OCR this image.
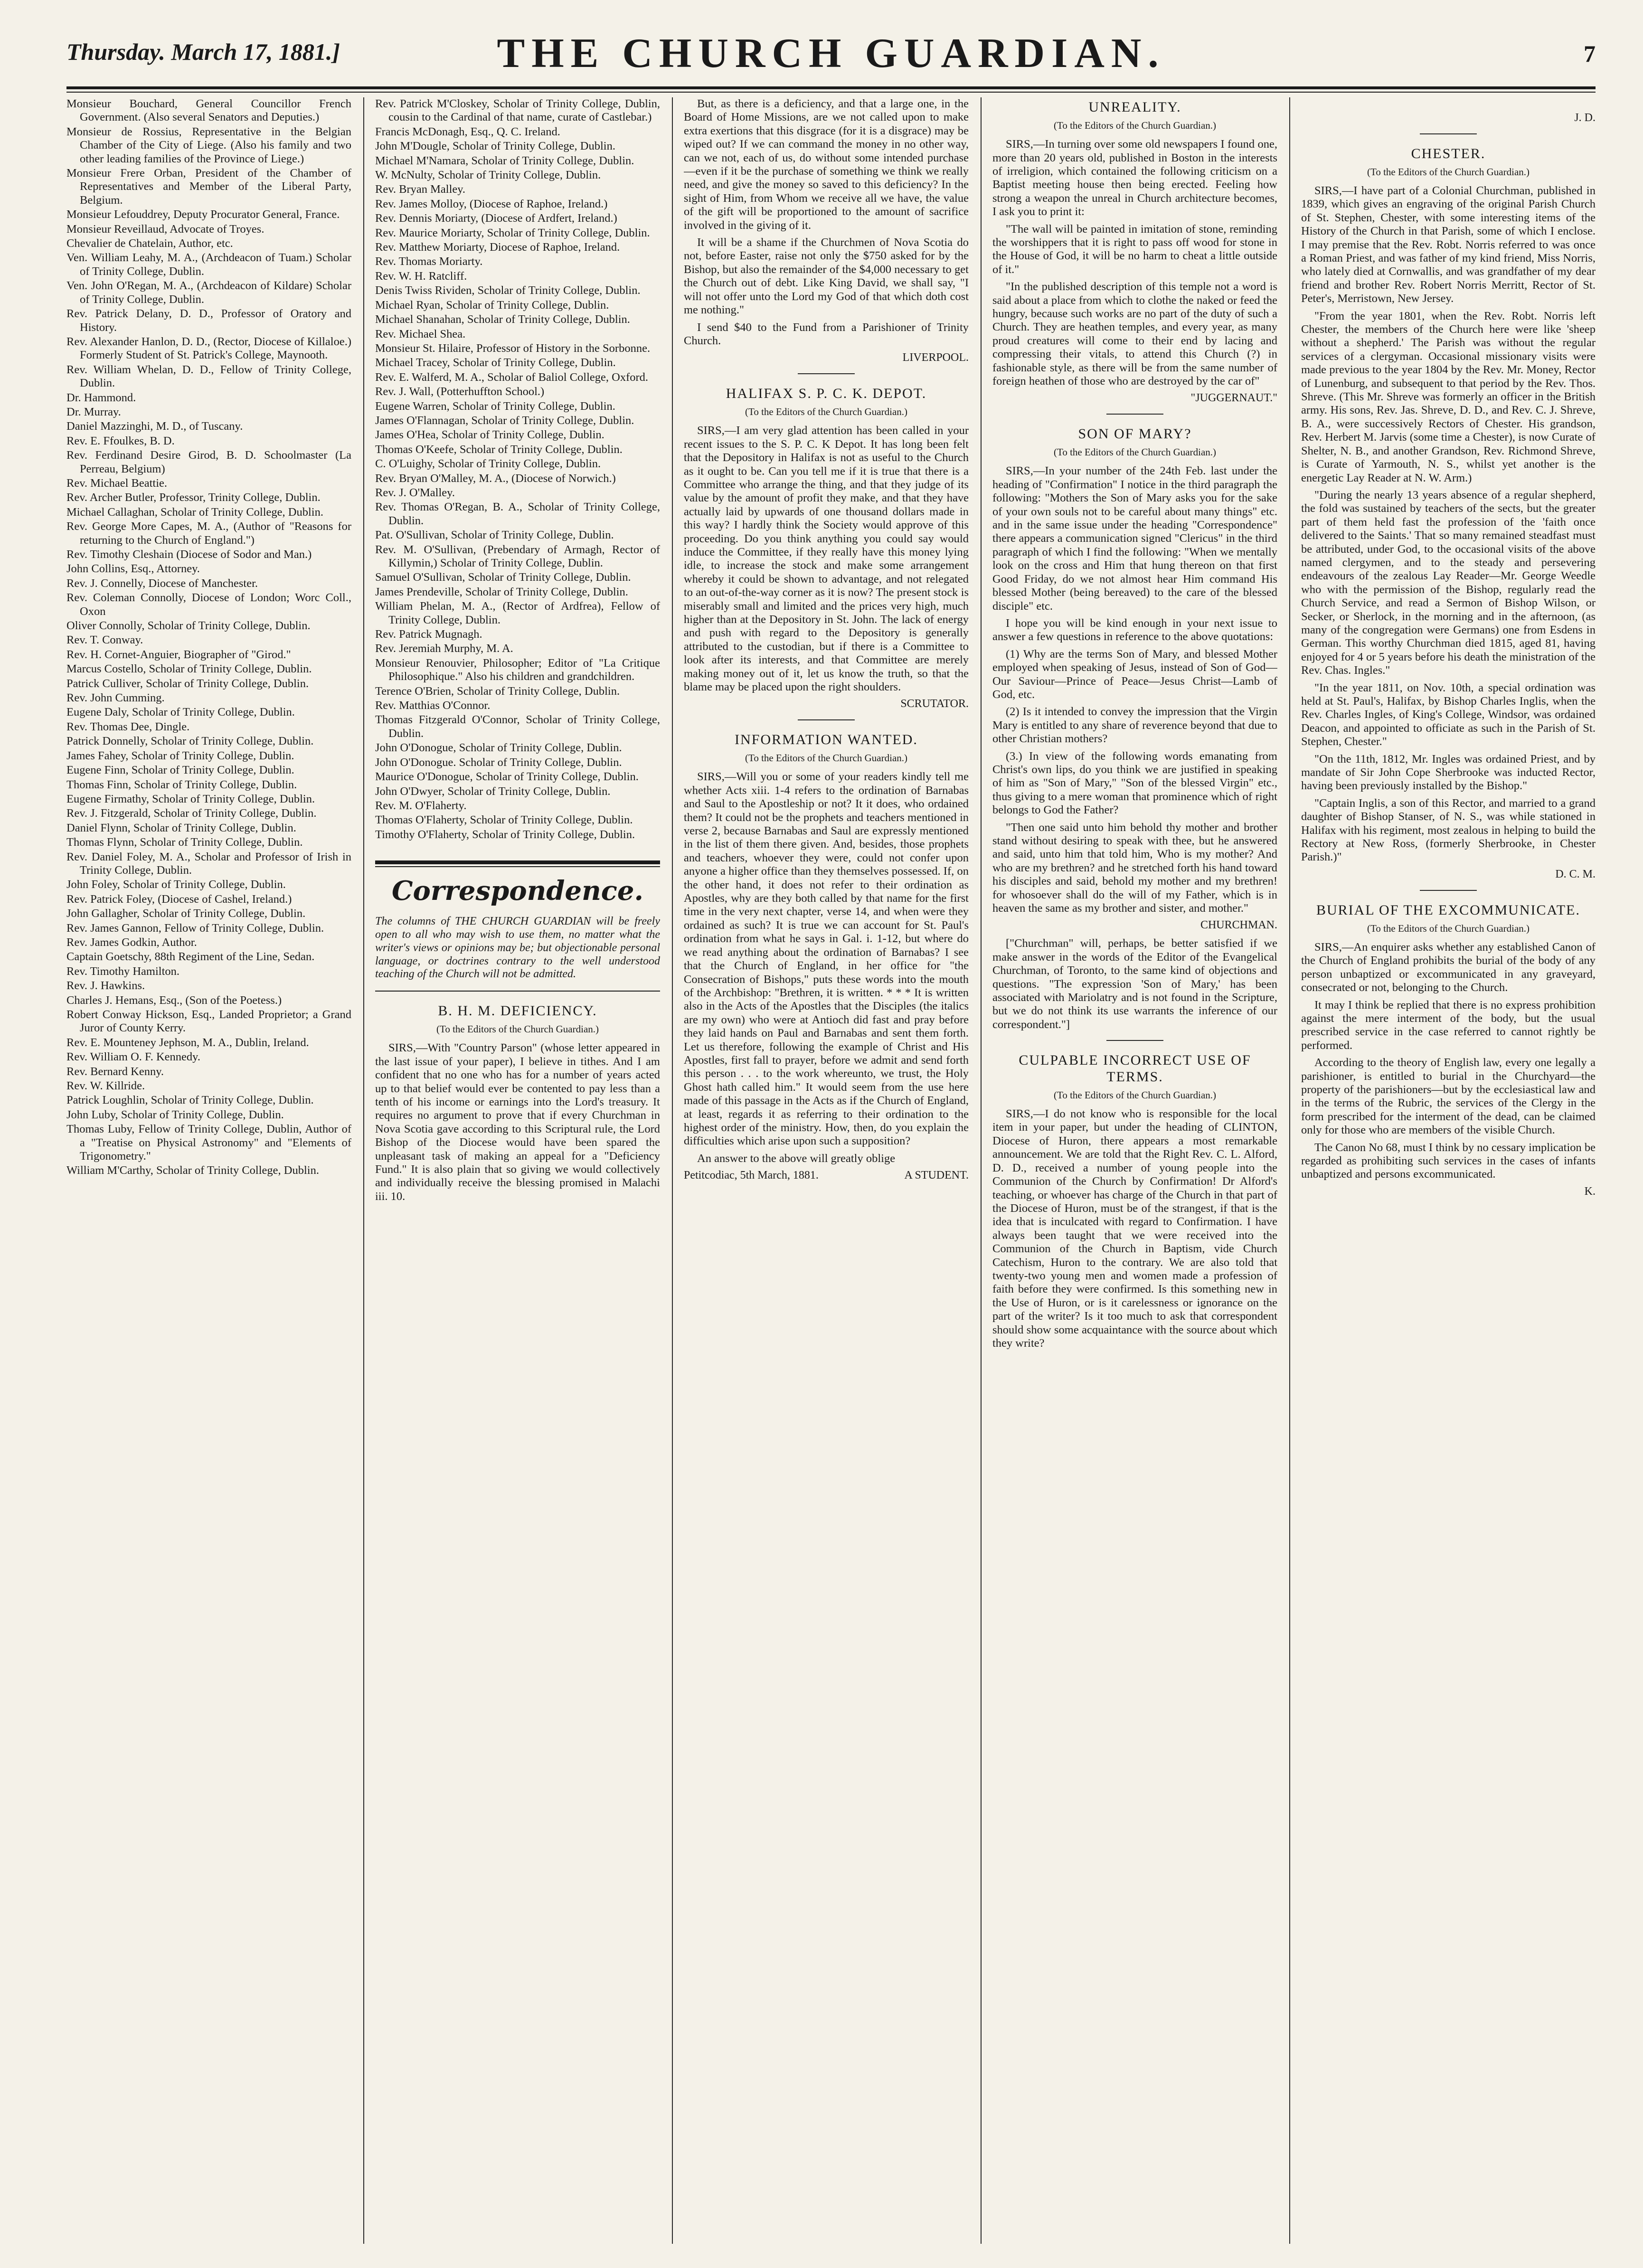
Thursday. March 17, 1881.]	THE CHURCH GUARDIAN.	7

Monsieur Bouchard, General Councillor French Government. (Also several Senators and Deputies.)

Monsieur de Rossius, Representative in the Belgian Chamber of the City of Liege. (Also his family and two other leading families of the Province of Liege.)

Monsieur Frere Orban, President of the Chamber of Representatives and Member of the Liberal Party, Belgium.

Monsieur Lefouddrey, Deputy Procurator General, France.

Monsieur Reveillaud, Advocate of Troyes.

Chevalier de Chatelain, Author, etc.

Ven. William Leahy, M. A., (Archdeacon of Tuam.) Scholar of Trinity College, Dublin.

Ven. John O'Regan, M. A., (Archdeacon of Kildare) Scholar of Trinity College, Dublin.

Rev. Patrick Delany, D. D., Professor of Oratory and History.

Rev. Alexander Hanlon, D. D., (Rector, Diocese of Killaloe.) Formerly Student of St. Patrick's College, Maynooth.

Rev. William Whelan, D. D., Fellow of Trinity College, Dublin.

Dr. Hammond.

Dr. Murray.

Daniel Mazzinghi, M. D., of Tuscany.

Rev. E. Ffoulkes, B. D.

Rev. Ferdinand Desire Girod, B. D. Schoolmaster (La Perreau, Belgium)

Rev. Michael Beattie.

Rev. Archer Butler, Professor, Trinity College, Dublin.

Michael Callaghan, Scholar of Trinity College, Dublin.

Rev. George More Capes, M. A., (Author of "Reasons for returning to the Church of England.")

Rev. Timothy Cleshain (Diocese of Sodor and Man.)

John Collins, Esq., Attorney.

Rev. J. Connelly, Diocese of Manchester.

Rev. Coleman Connolly, Diocese of London; Worc Coll., Oxon

Oliver Connolly, Scholar of Trinity College, Dublin.

Rev. T. Conway.

Rev. H. Cornet-Anguier, Biographer of "Girod."

Marcus Costello, Scholar of Trinity College, Dublin.

Patrick Culliver, Scholar of Trinity College, Dublin.

Rev. John Cumming.

Eugene Daly, Scholar of Trinity College, Dublin.

Rev. Thomas Dee, Dingle.

Patrick Donnelly, Scholar of Trinity College, Dublin.

James Fahey, Scholar of Trinity College, Dublin.

Eugene Finn, Scholar of Trinity College, Dublin.

Thomas Finn, Scholar of Trinity College, Dublin.

Eugene Firmathy, Scholar of Trinity College, Dublin.

Rev. J. Fitzgerald, Scholar of Trinity College, Dublin.

Daniel Flynn, Scholar of Trinity College, Dublin.

Thomas Flynn, Scholar of Trinity College, Dublin.

Rev. Daniel Foley, M. A., Scholar and Professor of Irish in Trinity College, Dublin.

John Foley, Scholar of Trinity College, Dublin.

Rev. Patrick Foley, (Diocese of Cashel, Ireland.)

John Gallagher, Scholar of Trinity College, Dublin.

Rev. James Gannon, Fellow of Trinity College, Dublin.

Rev. James Godkin, Author.

Captain Goetschy, 88th Regiment of the Line, Sedan.

Rev. Timothy Hamilton.

Rev. J. Hawkins.

Charles J. Hemans, Esq., (Son of the Poetess.)

Robert Conway Hickson, Esq., Landed Proprietor; a Grand Juror of County Kerry.

Rev. E. Mounteney Jephson, M. A., Dublin, Ireland.

Rev. William O. F. Kennedy.

Rev. Bernard Kenny.

Rev. W. Killride.

Patrick Loughlin, Scholar of Trinity College, Dublin.

John Luby, Scholar of Trinity College, Dublin.

Thomas Luby, Fellow of Trinity College, Dublin, Author of a "Treatise on Physical Astronomy" and "Elements of Trigonometry."

William M'Carthy, Scholar of Trinity College, Dublin.

Rev. Patrick M'Closkey, Scholar of Trinity College, Dublin, cousin to the Cardinal of that name, curate of Castlebar.)

Francis McDonagh, Esq., Q. C. Ireland.

John M'Dougle, Scholar of Trinity College, Dublin.

Michael M'Namara, Scholar of Trinity College, Dublin.

W. McNulty, Scholar of Trinity College, Dublin.

Rev. Bryan Malley.

Rev. James Molloy, (Diocese of Raphoe, Ireland.)

Rev. Dennis Moriarty, (Diocese of Ardfert, Ireland.)

Rev. Maurice Moriarty, Scholar of Trinity College, Dublin.

Rev. Matthew Moriarty, Diocese of Raphoe, Ireland.

Rev. Thomas Moriarty.

Rev. W. H. Ratcliff.

Denis Twiss Rividen, Scholar of Trinity College, Dublin.

Michael Ryan, Scholar of Trinity College, Dublin.

Michael Shanahan, Scholar of Trinity College, Dublin.

Rev. Michael Shea.

Monsieur St. Hilaire, Professor of History in the Sorbonne.

Michael Tracey, Scholar of Trinity College, Dublin.

Rev. E. Walferd, M. A., Scholar of Baliol College, Oxford.

Rev. J. Wall, (Potterhuffton School.)

Eugene Warren, Scholar of Trinity College, Dublin.

James O'Flannagan, Scholar of Trinity College, Dublin.

James O'Hea, Scholar of Trinity College, Dublin.

Thomas O'Keefe, Scholar of Trinity College, Dublin.

C. O'Luighy, Scholar of Trinity College, Dublin.

Rev. Bryan O'Malley, M. A., (Diocese of Norwich.)

Rev. J. O'Malley.

Rev. Thomas O'Regan, B. A., Scholar of Trinity College, Dublin.

Pat. O'Sullivan, Scholar of Trinity College, Dublin.

Rev. M. O'Sullivan, (Prebendary of Armagh, Rector of Killymin,) Scholar of Trinity College, Dublin.

Samuel O'Sullivan, Scholar of Trinity College, Dublin.

James Prendeville, Scholar of Trinity College, Dublin.

William Phelan, M. A., (Rector of Ardfrea), Fellow of Trinity College, Dublin.

Rev. Patrick Mugnagh.

Rev. Jeremiah Murphy, M. A.

Monsieur Renouvier, Philosopher; Editor of "La Critique Philosophique." Also his children and grandchildren.

Terence O'Brien, Scholar of Trinity College, Dublin.

Rev. Matthias O'Connor.

Thomas Fitzgerald O'Connor, Scholar of Trinity College, Dublin.

John O'Donogue, Scholar of Trinity College, Dublin.

John O'Donogue. Scholar of Trinity College, Dublin.

Maurice O'Donogue, Scholar of Trinity College, Dublin.

John O'Dwyer, Scholar of Trinity College, Dublin.

Rev. M. O'Flaherty.

Thomas O'Flaherty, Scholar of Trinity College, Dublin.

Timothy O'Flaherty, Scholar of Trinity College, Dublin.

Correspondence.
The columns of THE CHURCH GUARDIAN will be freely open to all who may wish to use them, no matter what the writer's views or opinions may be; but objectionable personal language, or doctrines contrary to the well understood teaching of the Church will not be admitted.
B. H. M. DEFICIENCY.
(To the Editors of the Church Guardian.)

SIRS,—With "Country Parson" (whose letter appeared in the last issue of your paper), I believe in tithes. And I am confident that no one who has for a number of years acted up to that belief would ever be contented to pay less than a tenth of his income or earnings into the Lord's treasury. It requires no argument to prove that if every Churchman in Nova Scotia gave according to this Scriptural rule, the Lord Bishop of the Diocese would have been spared the unpleasant task of making an appeal for a "Deficiency Fund." It is also plain that so giving we would collectively and individually receive the blessing promised in Malachi iii. 10.

But, as there is a deficiency, and that a large one, in the Board of Home Missions, are we not called upon to make extra exertions that this disgrace (for it is a disgrace) may be wiped out? If we can command the money in no other way, can we not, each of us, do without some intended purchase—even if it be the purchase of something we think we really need, and give the money so saved to this deficiency? In the sight of Him, from Whom we receive all we have, the value of the gift will be proportioned to the amount of sacrifice involved in the giving of it.

It will be a shame if the Churchmen of Nova Scotia do not, before Easter, raise not only the $750 asked for by the Bishop, but also the remainder of the $4,000 necessary to get the Church out of debt. Like King David, we shall say, "I will not offer unto the Lord my God of that which doth cost me nothing."

I send $40 to the Fund from a Parishioner of Trinity Church.

LIVERPOOL.
HALIFAX S. P. C. K. DEPOT.
(To the Editors of the Church Guardian.)

SIRS,—I am very glad attention has been called in your recent issues to the S. P. C. K Depot. It has long been felt that the Depository in Halifax is not as useful to the Church as it ought to be. Can you tell me if it is true that there is a Committee who arrange the thing, and that they judge of its value by the amount of profit they make, and that they have actually laid by upwards of one thousand dollars made in this way? I hardly think the Society would approve of this proceeding. Do you think anything you could say would induce the Committee, if they really have this money lying idle, to increase the stock and make some arrangement whereby it could be shown to advantage, and not relegated to an out-of-the-way corner as it is now? The present stock is miserably small and limited and the prices very high, much higher than at the Depository in St. John. The lack of energy and push with regard to the Depository is generally attributed to the custodian, but if there is a Committee to look after its interests, and that Committee are merely making money out of it, let us know the truth, so that the blame may be placed upon the right shoulders.

SCRUTATOR.
INFORMATION WANTED.
(To the Editors of the Church Guardian.)

SIRS,—Will you or some of your readers kindly tell me whether Acts xiii. 1-4 refers to the ordination of Barnabas and Saul to the Apostleship or not? It it does, who ordained them? It could not be the prophets and teachers mentioned in verse 2, because Barnabas and Saul are expressly mentioned in the list of them there given. And, besides, those prophets and teachers, whoever they were, could not confer upon anyone a higher office than they themselves possessed. If, on the other hand, it does not refer to their ordination as Apostles, why are they both called by that name for the first time in the very next chapter, verse 14, and when were they ordained as such? It is true we can account for St. Paul's ordination from what he says in Gal. i. 1-12, but where do we read anything about the ordination of Barnabas? I see that the Church of England, in her office for "the Consecration of Bishops," puts these words into the mouth of the Archbishop: "Brethren, it is written. * * * It is written also in the Acts of the Apostles that the Disciples (the italics are my own) who were at Antioch did fast and pray before they laid hands on Paul and Barnabas and sent them forth. Let us therefore, following the example of Christ and His Apostles, first fall to prayer, before we admit and send forth this person . . . to the work whereunto, we trust, the Holy Ghost hath called him." It would seem from the use here made of this passage in the Acts as if the Church of England, at least, regards it as referring to their ordination to the highest order of the ministry. How, then, do you explain the difficulties which arise upon such a supposition?

An answer to the above will greatly oblige

Petitcodiac, 5th March, 1881.	A STUDENT.
UNREALITY.
(To the Editors of the Church Guardian.)

SIRS,—In turning over some old newspapers I found one, more than 20 years old, published in Boston in the interests of irreligion, which contained the following criticism on a Baptist meeting house then being erected. Feeling how strong a weapon the unreal in Church architecture becomes, I ask you to print it:

"The wall will be painted in imitation of stone, reminding the worshippers that it is right to pass off wood for stone in the House of God, it will be no harm to cheat a little outside of it."

"In the published description of this temple not a word is said about a place from which to clothe the naked or feed the hungry, because such works are no part of the duty of such a Church. They are heathen temples, and every year, as many proud creatures will come to their end by lacing and compressing their vitals, to attend this Church (?) in fashionable style, as there will be from the same number of foreign heathen of those who are destroyed by the car of"

"JUGGERNAUT."
SON OF MARY?
(To the Editors of the Church Guardian.)

SIRS,—In your number of the 24th Feb. last under the heading of "Confirmation" I notice in the third paragraph the following: "Mothers the Son of Mary asks you for the sake of your own souls not to be careful about many things" etc. and in the same issue under the heading "Correspondence" there appears a communication signed "Clericus" in the third paragraph of which I find the following: "When we mentally look on the cross and Him that hung thereon on that first Good Friday, do we not almost hear Him command His blessed Mother (being bereaved) to the care of the blessed disciple" etc.

I hope you will be kind enough in your next issue to answer a few questions in reference to the above quotations:

(1) Why are the terms Son of Mary, and blessed Mother employed when speaking of Jesus, instead of Son of God—Our Saviour—Prince of Peace—Jesus Christ—Lamb of God, etc.

(2) Is it intended to convey the impression that the Virgin Mary is entitled to any share of reverence beyond that due to other Christian mothers?

(3.) In view of the following words emanating from Christ's own lips, do you think we are justified in speaking of him as "Son of Mary," "Son of the blessed Virgin" etc., thus giving to a mere woman that prominence which of right belongs to God the Father?

"Then one said unto him behold thy mother and brother stand without desiring to speak with thee, but he answered and said, unto him that told him, Who is my mother? And who are my brethren? and he stretched forth his hand toward his disciples and said, behold my mother and my brethren! for whosoever shall do the will of my Father, which is in heaven the same as my brother and sister, and mother."

CHURCHMAN.

["Churchman" will, perhaps, be better satisfied if we make answer in the words of the Editor of the Evangelical Churchman, of Toronto, to the same kind of objections and questions. "The expression 'Son of Mary,' has been associated with Mariolatry and is not found in the Scripture, but we do not think its use warrants the inference of our correspondent."]

CULPABLE INCORRECT USE OF TERMS.
(To the Editors of the Church Guardian.)

SIRS,—I do not know who is responsible for the local item in your paper, but under the heading of CLINTON, Diocese of Huron, there appears a most remarkable announcement. We are told that the Right Rev. C. L. Alford, D. D., received a number of young people into the Communion of the Church by Confirmation! Dr Alford's teaching, or whoever has charge of the Church in that part of the Diocese of Huron, must be of the strangest, if that is the idea that is inculcated with regard to Confirmation. I have always been taught that we were received into the Communion of the Church in Baptism, vide Church Catechism, Huron to the contrary. We are also told that twenty-two young men and women made a profession of faith before they were confirmed. Is this something new in the Use of Huron, or is it carelessness or ignorance on the part of the writer? Is it too much to ask that correspondent should show some acquaintance with the source about which they write?

J. D.
CHESTER.
(To the Editors of the Church Guardian.)

SIRS,—I have part of a Colonial Churchman, published in 1839, which gives an engraving of the original Parish Church of St. Stephen, Chester, with some interesting items of the History of the Church in that Parish, some of which I enclose. I may premise that the Rev. Robt. Norris referred to was once a Roman Priest, and was father of my kind friend, Miss Norris, who lately died at Cornwallis, and was grandfather of my dear friend and brother Rev. Robert Norris Merritt, Rector of St. Peter's, Merristown, New Jersey.

"From the year 1801, when the Rev. Robt. Norris left Chester, the members of the Church here were like 'sheep without a shepherd.' The Parish was without the regular services of a clergyman. Occasional missionary visits were made previous to the year 1804 by the Rev. Mr. Money, Rector of Lunenburg, and subsequent to that period by the Rev. Thos. Shreve. (This Mr. Shreve was formerly an officer in the British army. His sons, Rev. Jas. Shreve, D. D., and Rev. C. J. Shreve, B. A., were successively Rectors of Chester. His grandson, Rev. Herbert M. Jarvis (some time a Chester), is now Curate of Shelter, N. B., and another Grandson, Rev. Richmond Shreve, is Curate of Yarmouth, N. S., whilst yet another is the energetic Lay Reader at N. W. Arm.)

"During the nearly 13 years absence of a regular shepherd, the fold was sustained by teachers of the sects, but the greater part of them held fast the profession of the 'faith once delivered to the Saints.' That so many remained steadfast must be attributed, under God, to the occasional visits of the above named clergymen, and to the steady and persevering endeavours of the zealous Lay Reader—Mr. George Weedle who with the permission of the Bishop, regularly read the Church Service, and read a Sermon of Bishop Wilson, or Secker, or Sherlock, in the morning and in the afternoon, (as many of the congregation were Germans) one from Esdens in German. This worthy Churchman died 1815, aged 81, having enjoyed for 4 or 5 years before his death the ministration of the Rev. Chas. Ingles."

"In the year 1811, on Nov. 10th, a special ordination was held at St. Paul's, Halifax, by Bishop Charles Inglis, when the Rev. Charles Ingles, of King's College, Windsor, was ordained Deacon, and appointed to officiate as such in the Parish of St. Stephen, Chester."

"On the 11th, 1812, Mr. Ingles was ordained Priest, and by mandate of Sir John Cope Sherbrooke was inducted Rector, having been previously installed by the Bishop."

"Captain Inglis, a son of this Rector, and married to a grand daughter of Bishop Stanser, of N. S., was while stationed in Halifax with his regiment, most zealous in helping to build the Rectory at New Ross, (formerly Sherbrooke, in Chester Parish.)"

D. C. M.
BURIAL OF THE EXCOMMUNICATE.
(To the Editors of the Church Guardian.)

SIRS,—An enquirer asks whether any established Canon of the Church of England prohibits the burial of the body of any person unbaptized or excommunicated in any graveyard, consecrated or not, belonging to the Church.

It may I think be replied that there is no express prohibition against the mere interment of the body, but the usual prescribed service in the case referred to cannot rightly be performed.

According to the theory of English law, every one legally a parishioner, is entitled to burial in the Churchyard—the property of the parishioners—but by the ecclesiastical law and in the terms of the Rubric, the services of the Clergy in the form prescribed for the interment of the dead, can be claimed only for those who are members of the visible Church.

The Canon No 68, must I think by no cessary implication be regarded as prohibiting such services in the cases of infants unbaptized and persons excommunicated.

K.
